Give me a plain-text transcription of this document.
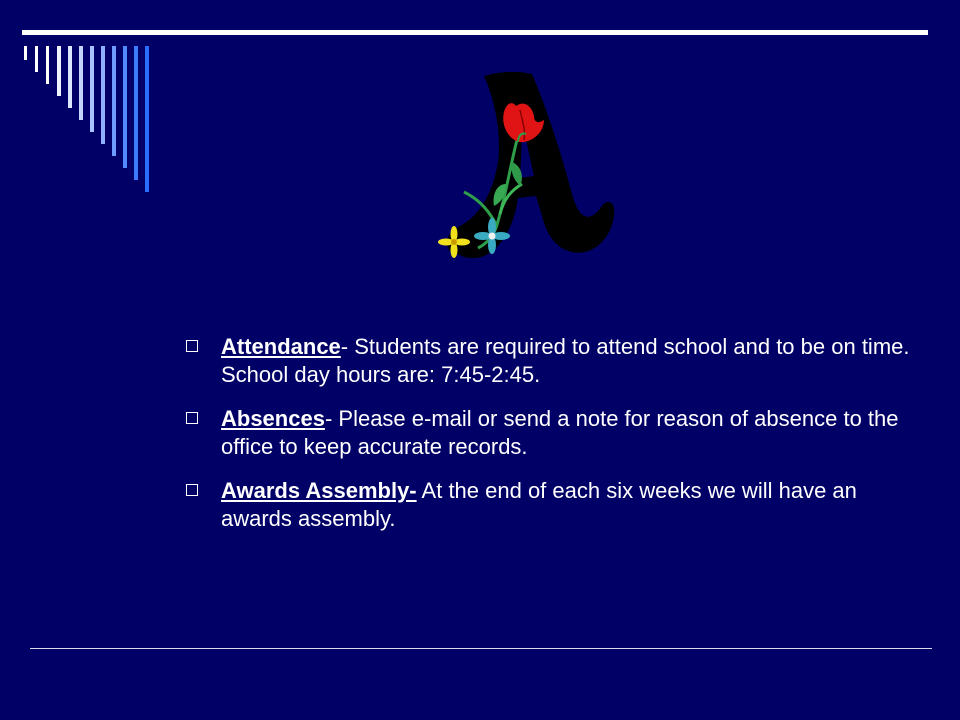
Attendance- Students are required to attend school and to be on time. School day hours are: 7:45-2:45.
Absences- Please e-mail or send a note for reason of absence to the office to keep accurate records.
Awards Assembly- At the end of each six weeks we will have an awards assembly.
